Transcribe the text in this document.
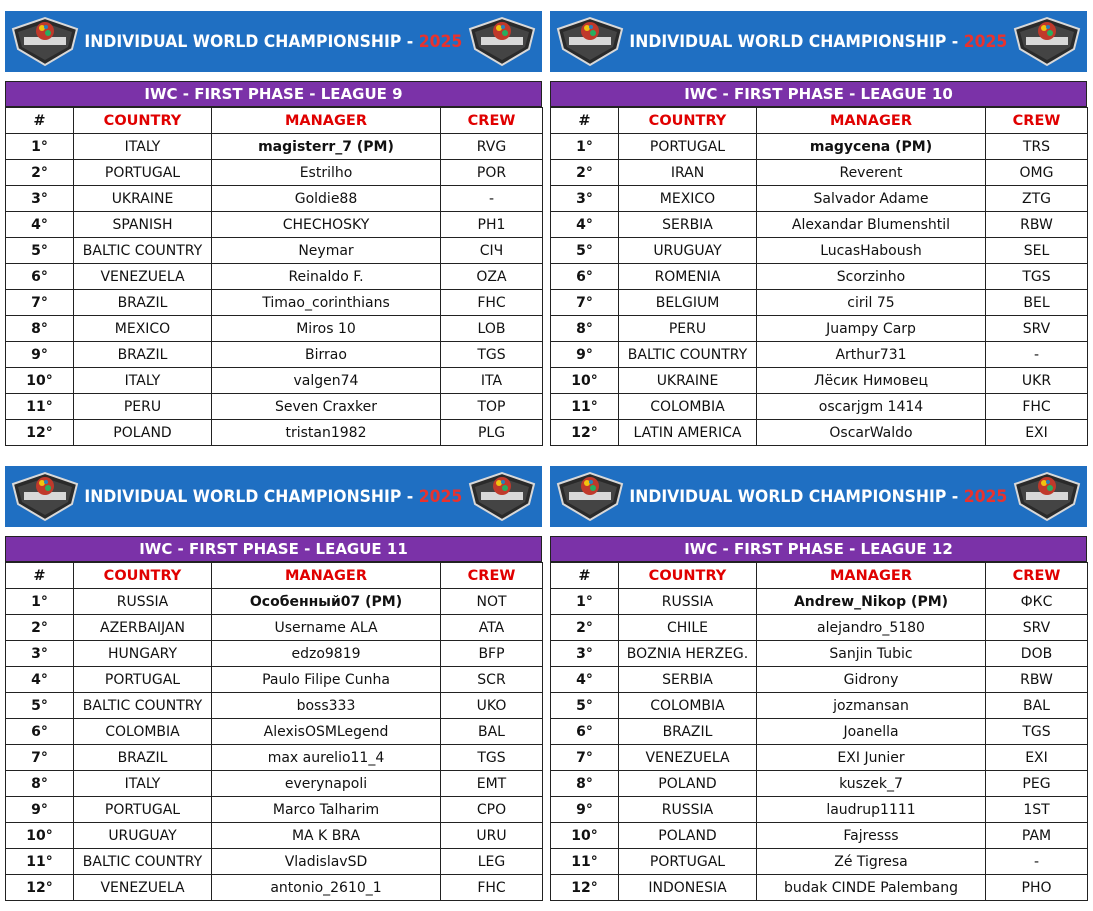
INDIVIDUAL WORLD CHAMPIONSHIP - 2025
IWC - FIRST PHASE - LEAGUE 9
#	COUNTRY	MANAGER	CREW
1°	ITALY	magisterr_7 (PM)	RVG
2°	PORTUGAL	Estrilho	POR
3°	UKRAINE	Goldie88	-
4°	SPANISH	CHECHOSKY	PH1
5°	BALTIC COUNTRY	Neymar	CIЧ
6°	VENEZUELA	Reinaldo F.	OZA
7°	BRAZIL	Timao_corinthians	FHC
8°	MEXICO	Miros 10	LOB
9°	BRAZIL	Birrao	TGS
10°	ITALY	valgen74	ITA
11°	PERU	Seven Craxker	TOP
12°	POLAND	tristan1982	PLG
INDIVIDUAL WORLD CHAMPIONSHIP - 2025
IWC - FIRST PHASE - LEAGUE 10
#	COUNTRY	MANAGER	CREW
1°	PORTUGAL	magycena (PM)	TRS
2°	IRAN	Reverent	OMG
3°	MEXICO	Salvador Adame	ZTG
4°	SERBIA	Alexandar Blumenshtil	RBW
5°	URUGUAY	LucasHaboush	SEL
6°	ROMENIA	Scorzinho	TGS
7°	BELGIUM	ciril 75	BEL
8°	PERU	Juampy Carp	SRV
9°	BALTIC COUNTRY	Arthur731	-
10°	UKRAINE	Лёсик Нимовец	UKR
11°	COLOMBIA	oscarjgm 1414	FHC
12°	LATIN AMERICA	OscarWaldo	EXI
INDIVIDUAL WORLD CHAMPIONSHIP - 2025
IWC - FIRST PHASE - LEAGUE 11
#	COUNTRY	MANAGER	CREW
1°	RUSSIA	Особенный07 (PM)	NOT
2°	AZERBAIJAN	Username ALA	ATA
3°	HUNGARY	edzo9819	BFP
4°	PORTUGAL	Paulo Filipe Cunha	SCR
5°	BALTIC COUNTRY	boss333	UKO
6°	COLOMBIA	AlexisOSMLegend	BAL
7°	BRAZIL	max aurelio11_4	TGS
8°	ITALY	everynapoli	EMT
9°	PORTUGAL	Marco Talharim	CPO
10°	URUGUAY	MA K BRA	URU
11°	BALTIC COUNTRY	VladislavSD	LEG
12°	VENEZUELA	antonio_2610_1	FHC
INDIVIDUAL WORLD CHAMPIONSHIP - 2025
IWC - FIRST PHASE - LEAGUE 12
#	COUNTRY	MANAGER	CREW
1°	RUSSIA	Andrew_Nikop (PM)	ФКС
2°	CHILE	alejandro_5180	SRV
3°	BOZNIA HERZEG.	Sanjin Tubic	DOB
4°	SERBIA	Gidrony	RBW
5°	COLOMBIA	jozmansan	BAL
6°	BRAZIL	Joanella	TGS
7°	VENEZUELA	EXI Junier	EXI
8°	POLAND	kuszek_7	PEG
9°	RUSSIA	laudrup1111	1ST
10°	POLAND	Fajresss	PAM
11°	PORTUGAL	Zé Tigresa	-
12°	INDONESIA	budak CINDE Palembang	PHO
